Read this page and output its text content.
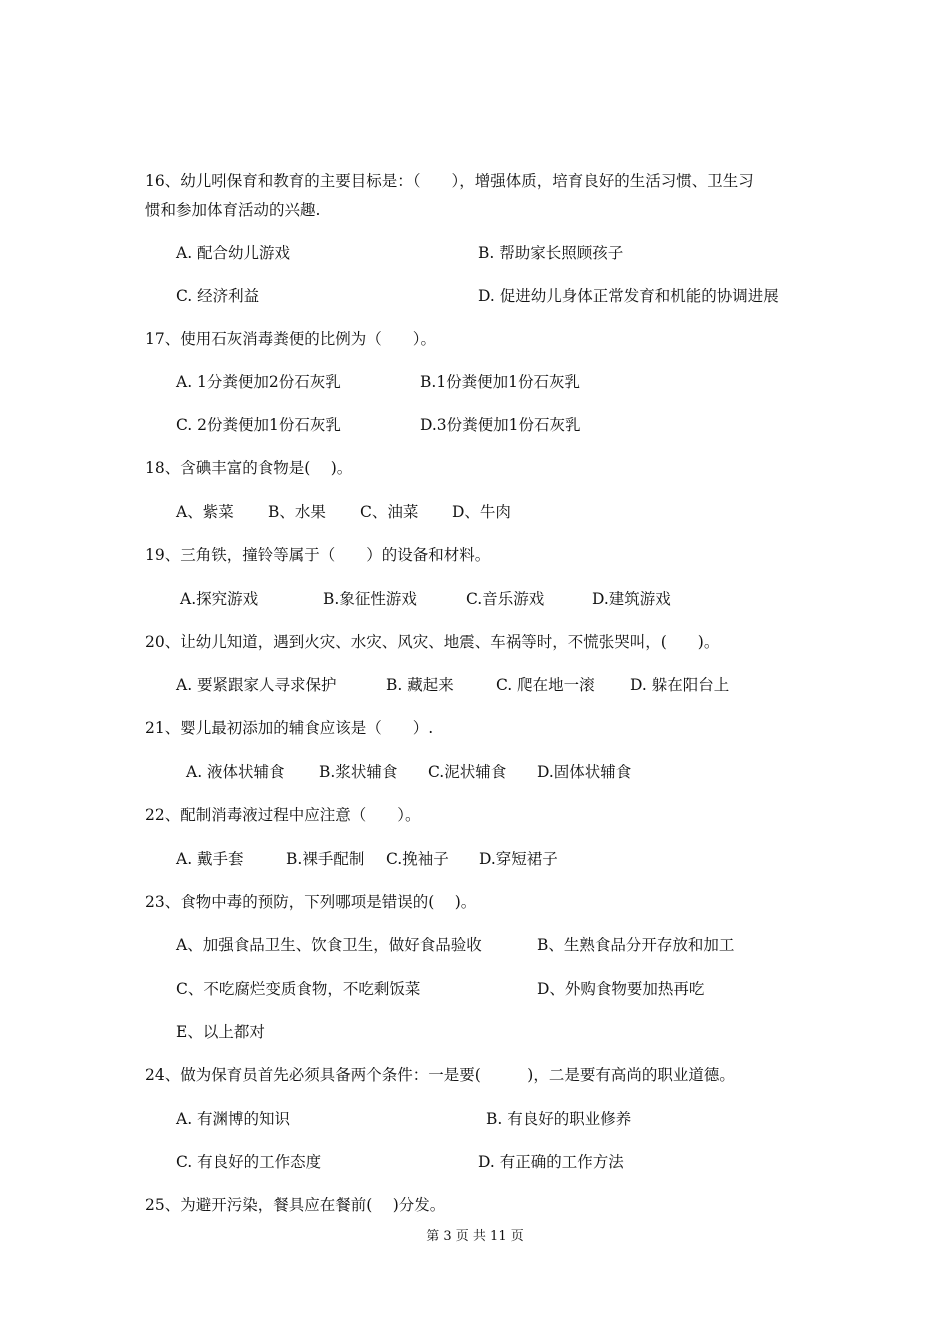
16、幼儿吲保育和教育的主要目标是：（　　），增强体质，培育良好的生活习惯、卫生习
惯和参加体育活动的兴趣.
A. 配合幼儿游戏	B. 帮助家长照顾孩子
C. 经济利益	D. 促进幼儿身体正常发育和机能的协调进展
17、使用石灰消毒粪便的比例为（　　）。
A. 1分粪便加2份石灰乳	B.1份粪便加1份石灰乳
C. 2份粪便加1份石灰乳	D.3份粪便加1份石灰乳
18、含碘丰富的食物是(　 )。
A、紫菜 B、水果 C、油菜 D、牛肉
19、三角铁，撞铃等属于（　　）的设备和材料。
A.探究游戏	B.象征性游戏	C.音乐游戏	D.建筑游戏
20、让幼儿知道，遇到火灾、水灾、风灾、地震、车祸等时，不慌张哭叫，(　　)。
A. 要紧跟家人寻求保护	B. 藏起来	C. 爬在地一滚 D. 躲在阳台上
21、婴儿最初添加的辅食应该是（　　）.
A. 液体状辅食 B.浆状辅食 C.泥状辅食 D.固体状辅食
22、配制消毒液过程中应注意（　　）。
A. 戴手套	B.裸手配制 C.挽袖子 D.穿短裙子
23、食物中毒的预防，下列哪项是错误的(　 )。
A、加强食品卫生、饮食卫生，做好食品验收	B、生熟食品分开存放和加工
C、不吃腐烂变质食物，不吃剩饭菜	D、外购食物要加热再吃
E、以上都对
24、做为保育员首先必须具备两个条件：一是要(　　　)，二是要有高尚的职业道德。
A. 有渊博的知识	B. 有良好的职业修养
C. 有良好的工作态度	D. 有正确的工作方法
25、为避开污染，餐具应在餐前(　 )分发。
第 3 页 共 11 页
